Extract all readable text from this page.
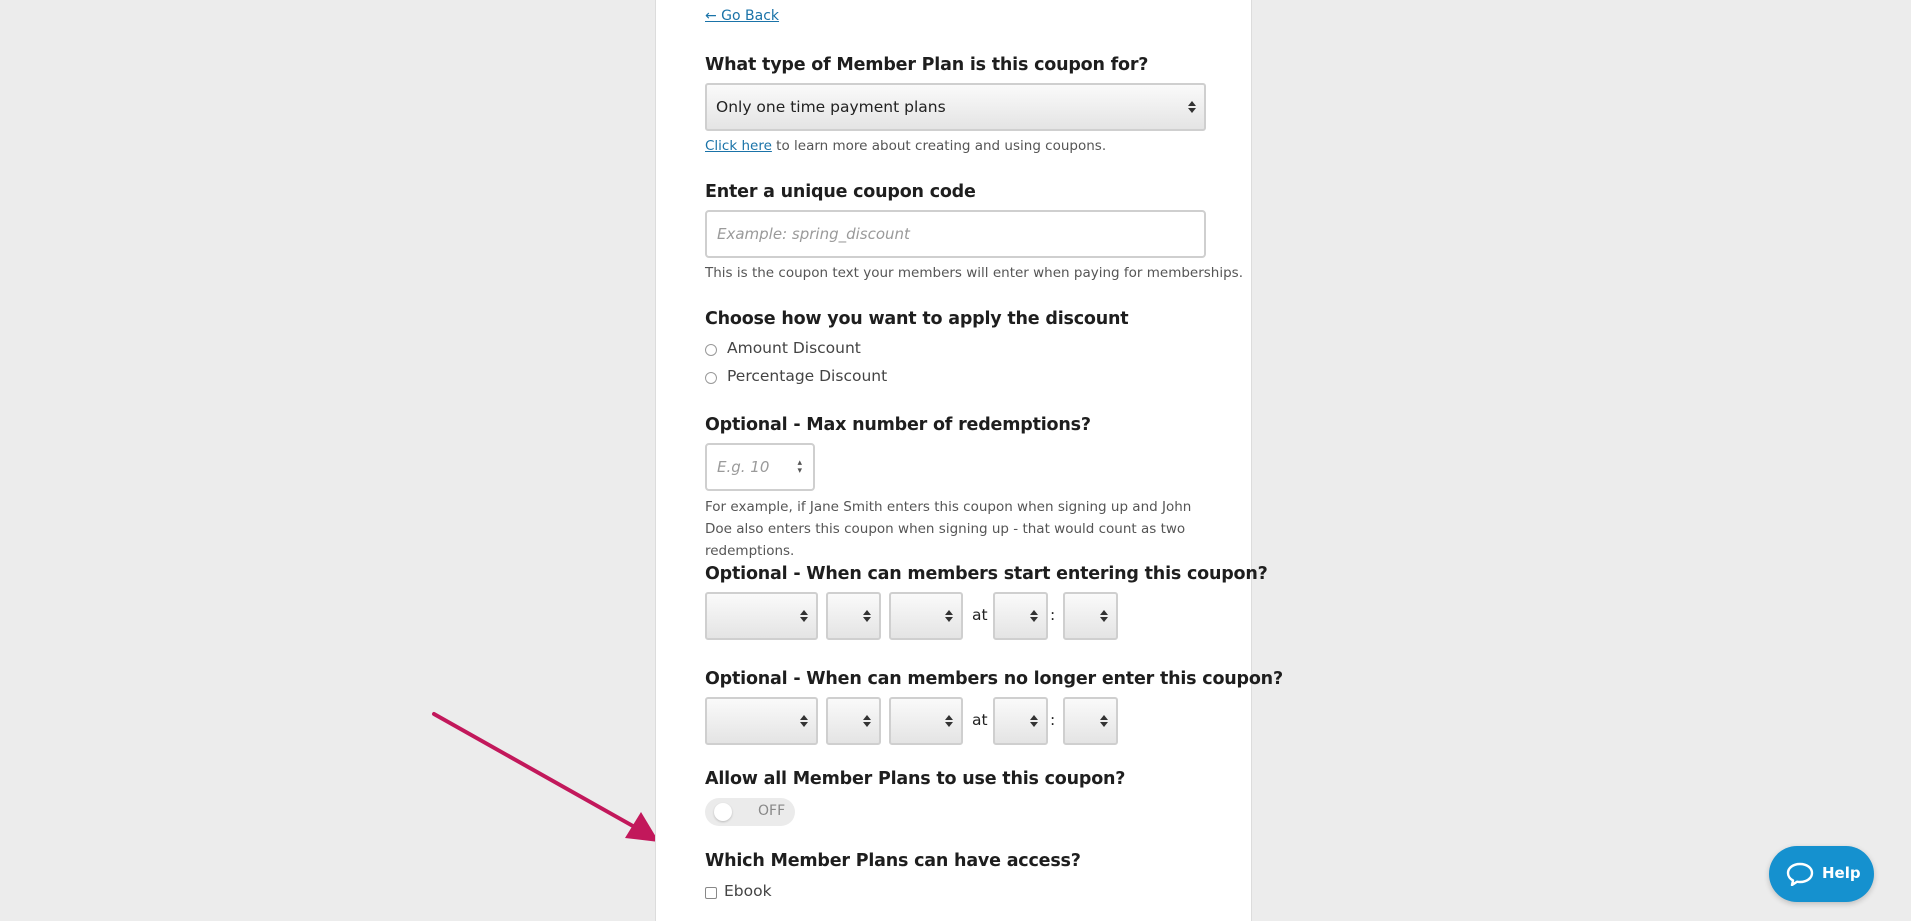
← Go Back
What type of Member Plan is this coupon for?
Only one time payment plans
Click here to learn more about creating and using coupons.
Enter a unique coupon code
Example: spring_discount
This is the coupon text your members will enter when paying for memberships.
Choose how you want to apply the discount
Amount Discount
Percentage Discount
Optional - Max number of redemptions?
E.g. 10	▴
▾
For example, if Jane Smith enters this coupon when signing up and John Doe also enters this coupon when signing up - that would count as two redemptions.
Optional - When can members start entering this coupon?
at	:
Optional - When can members no longer enter this coupon?
at	:
Allow all Member Plans to use this coupon?
OFF
Which Member Plans can have access?
Ebook
Help
